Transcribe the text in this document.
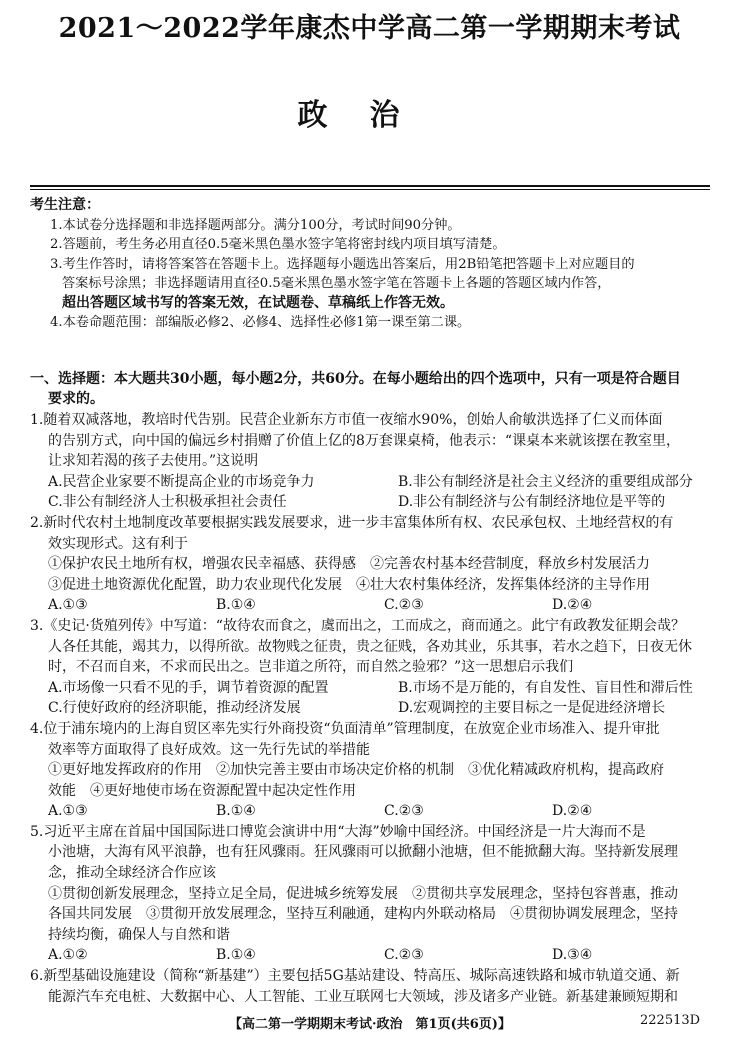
2021～2022学年康杰中学高二第一学期期末考试
政治
考生注意：
1.本试卷分选择题和非选择题两部分。满分100分，考试时间90分钟。
2.答题前，考生务必用直径0.5毫米黑色墨水签字笔将密封线内项目填写清楚。
3.考生作答时，请将答案答在答题卡上。选择题每小题选出答案后，用2B铅笔把答题卡上对应题目的
答案标号涂黑；非选择题请用直径0.5毫米黑色墨水签字笔在答题卡上各题的答题区域内作答，
超出答题区域书写的答案无效，在试题卷、草稿纸上作答无效。
4.本卷命题范围：部编版必修2、必修4、选择性必修1第一课至第二课。
一、选择题：本大题共30小题，每小题2分，共60分。在每小题给出的四个选项中，只有一项是符合题目
要求的。

1.随着双减落地，教培时代告别。民营企业新东方市值一夜缩水90%，创始人俞敏洪选择了仁义而体面

的告别方式，向中国的偏远乡村捐赠了价值上亿的8万套课桌椅，他表示：“课桌本来就该摆在教室里，

让求知若渴的孩子去使用。”这说明

A.民营企业家要不断提高企业的市场竞争力	B.非公有制经济是社会主义经济的重要组成部分
C.非公有制经济人士积极承担社会责任	D.非公有制经济与公有制经济地位是平等的

2.新时代农村土地制度改革要根据实践发展要求，进一步丰富集体所有权、农民承包权、土地经营权的有

效实现形式。这有利于

①保护农民土地所有权，增强农民幸福感、获得感　②完善农村基本经营制度，释放乡村发展活力

③促进土地资源优化配置，助力农业现代化发展　④壮大农村集体经济，发挥集体经济的主导作用

A.①③	B.①④	C.②③	D.②④

3.《史记·货殖列传》中写道：“故待农而食之，虞而出之，工而成之，商而通之。此宁有政教发征期会哉？

人各任其能，竭其力，以得所欲。故物贱之征贵，贵之征贱，各劝其业，乐其事，若水之趋下，日夜无休

时，不召而自来，不求而民出之。岂非道之所符，而自然之验邪？”这一思想启示我们

A.市场像一只看不见的手，调节着资源的配置	B.市场不是万能的，有自发性、盲目性和滞后性
C.行使好政府的经济职能，推动经济发展	D.宏观调控的主要目标之一是促进经济增长

4.位于浦东境内的上海自贸区率先实行外商投资“负面清单”管理制度，在放宽企业市场准入、提升审批

效率等方面取得了良好成效。这一先行先试的举措能

①更好地发挥政府的作用　②加快完善主要由市场决定价格的机制　③优化精减政府机构，提高政府

效能　④更好地使市场在资源配置中起决定性作用

A.①③	B.①④	C.②③	D.②④

5.习近平主席在首届中国国际进口博览会演讲中用“大海”妙喻中国经济。中国经济是一片大海而不是

小池塘，大海有风平浪静，也有狂风骤雨。狂风骤雨可以掀翻小池塘，但不能掀翻大海。坚持新发展理

念，推动全球经济合作应该

①贯彻创新发展理念，坚持立足全局，促进城乡统筹发展　②贯彻共享发展理念，坚持包容普惠，推动

各国共同发展　③贯彻开放发展理念，坚持互利融通，建构内外联动格局　④贯彻协调发展理念，坚持

持续均衡，确保人与自然和谐

A.①②	B.①④	C.②③	D.③④

6.新型基础设施建设（简称“新基建”）主要包括5G基站建设、特高压、城际高速铁路和城市轨道交通、新

能源汽车充电桩、大数据中心、人工智能、工业互联网七大领域，涉及诸多产业链。新基建兼顾短期和

【高二第一学期期末考试·政治　第1页(共6页)】	222513D
